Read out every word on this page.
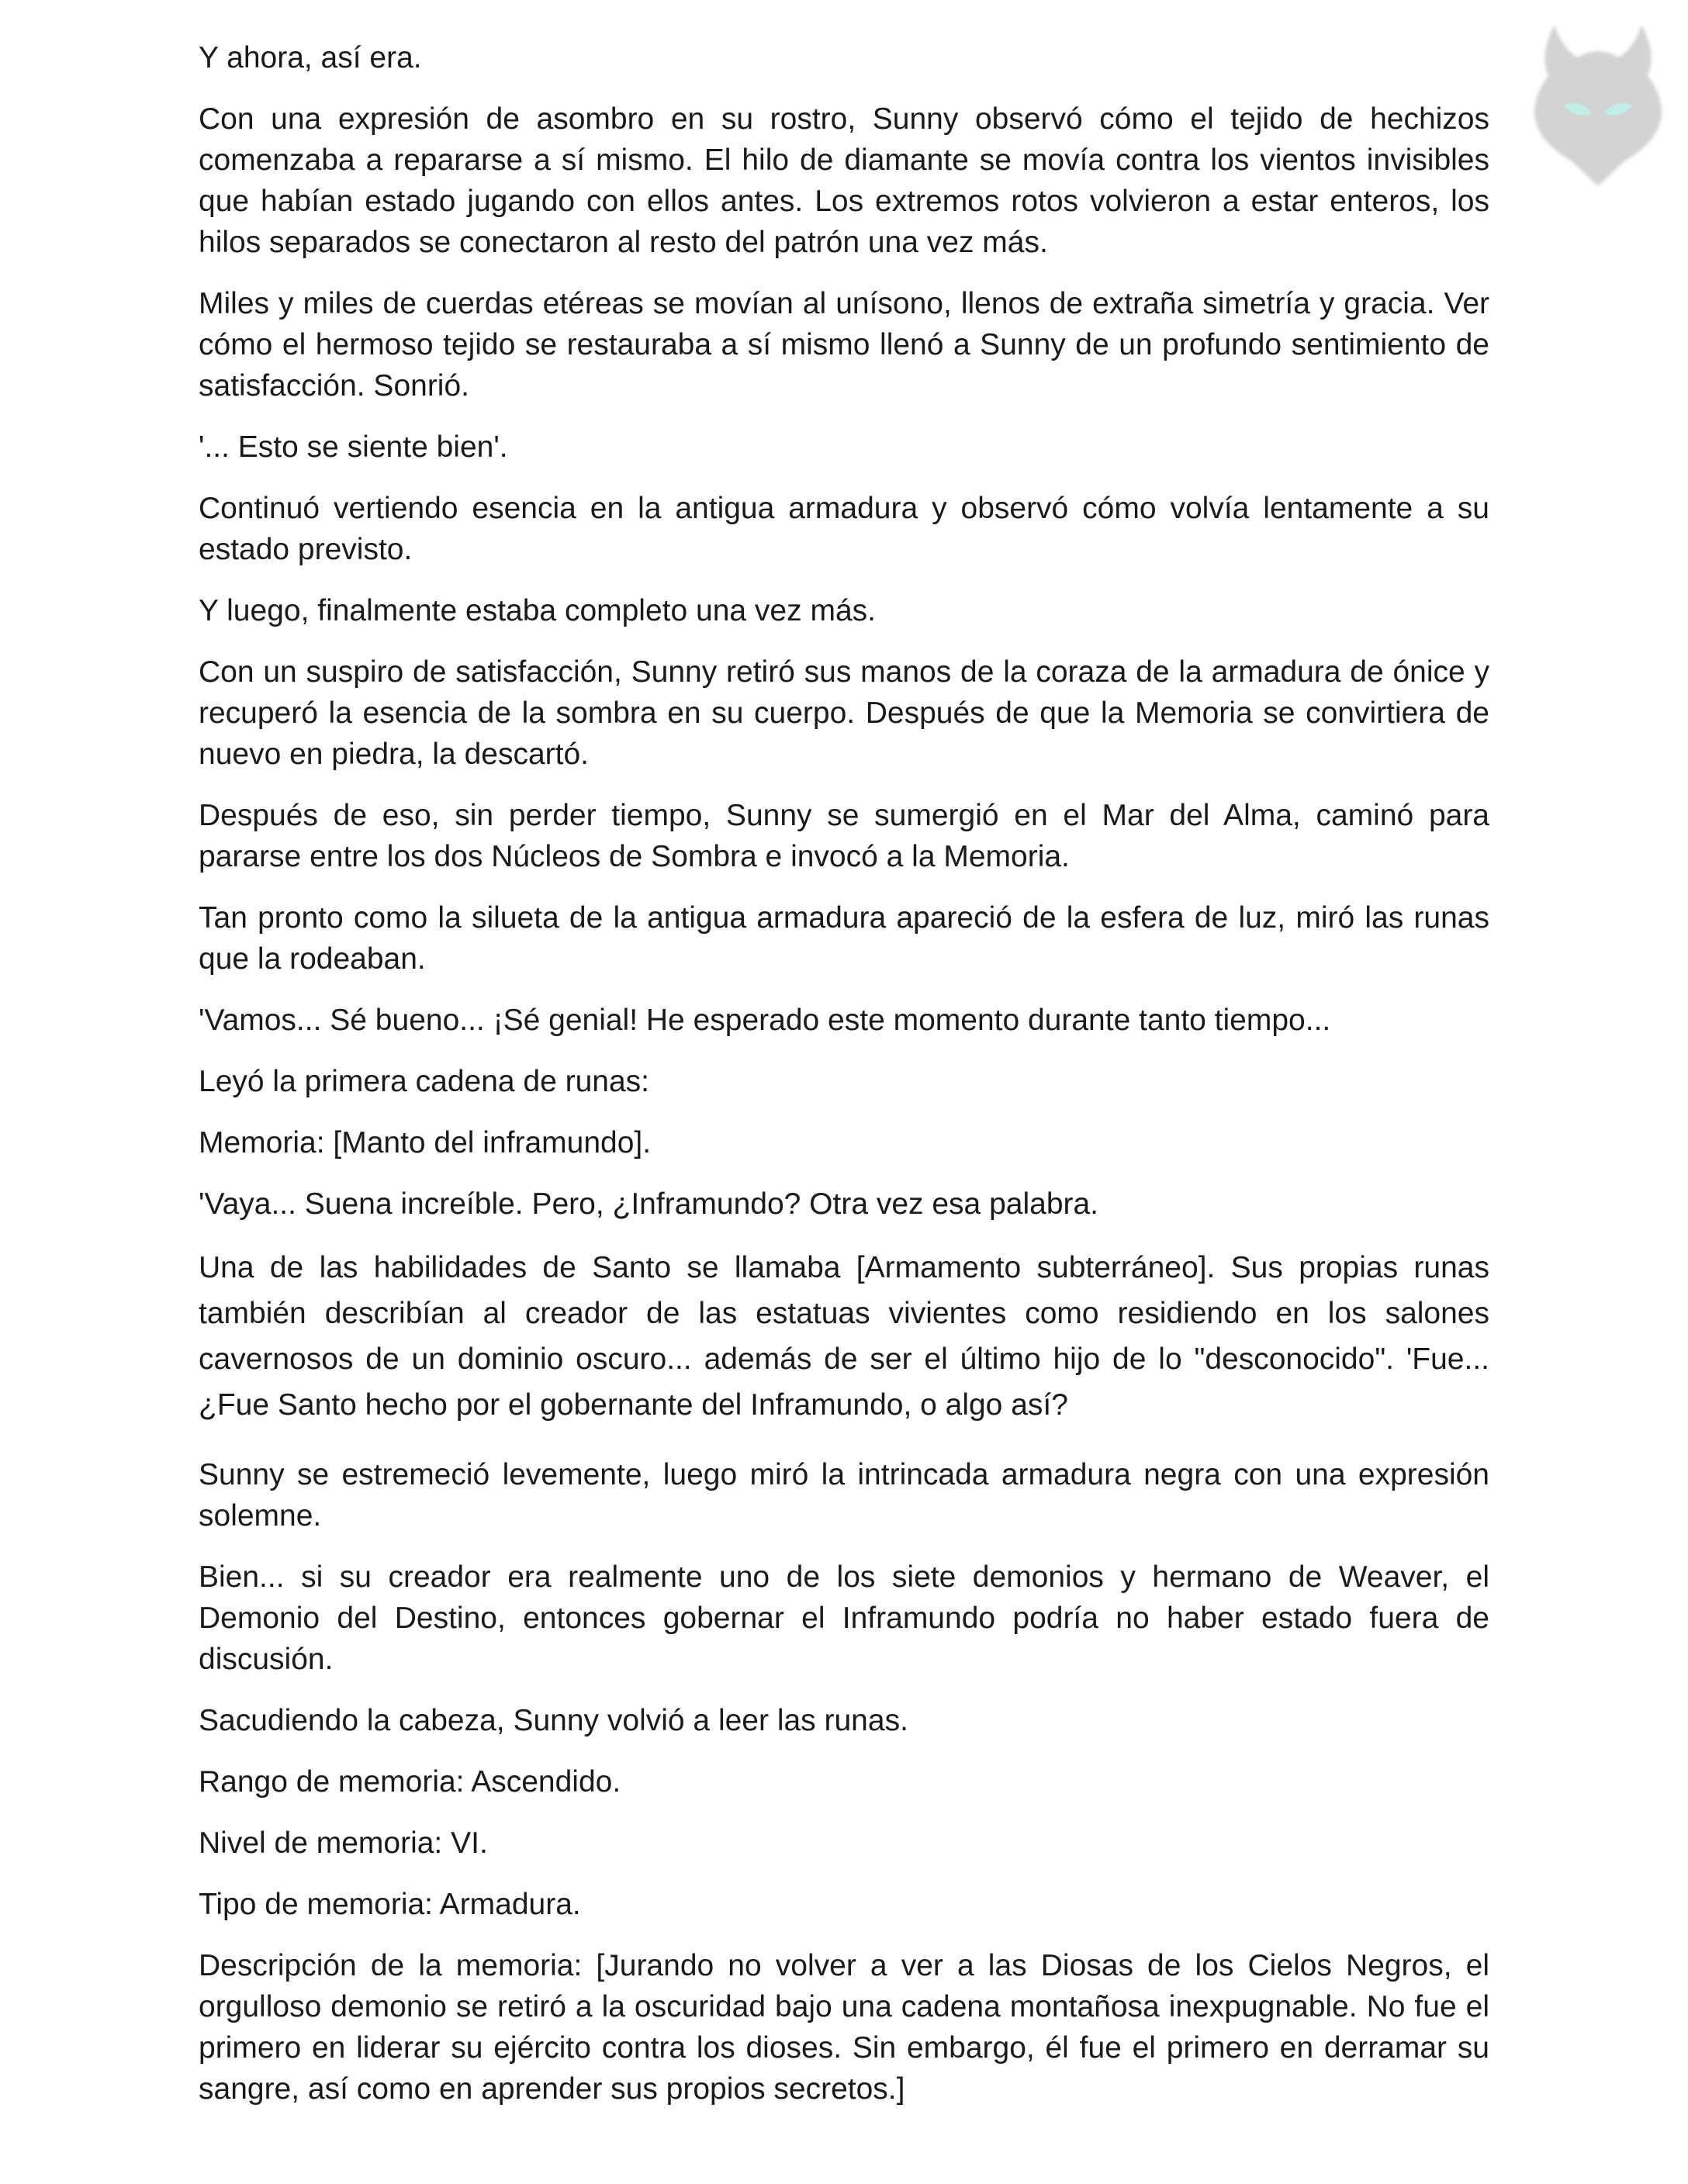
Y ahora, así era.

Con una expresión de asombro en su rostro, Sunny observó cómo el tejido de hechizos comenzaba a repararse a sí mismo. El hilo de diamante se movía contra los vientos invisibles que habían estado jugando con ellos antes. Los extremos rotos volvieron a estar enteros, los hilos separados se conectaron al resto del patrón una vez más.

Miles y miles de cuerdas etéreas se movían al unísono, llenos de extraña simetría y gracia. Ver cómo el hermoso tejido se restauraba a sí mismo llenó a Sunny de un profundo sentimiento de satisfacción. Sonrió.

'... Esto se siente bien'.

Continuó vertiendo esencia en la antigua armadura y observó cómo volvía lentamente a su estado previsto.

Y luego, finalmente estaba completo una vez más.

Con un suspiro de satisfacción, Sunny retiró sus manos de la coraza de la armadura de ónice y recuperó la esencia de la sombra en su cuerpo. Después de que la Memoria se convirtiera de nuevo en piedra, la descartó.

Después de eso, sin perder tiempo, Sunny se sumergió en el Mar del Alma, caminó para pararse entre los dos Núcleos de Sombra e invocó a la Memoria.

Tan pronto como la silueta de la antigua armadura apareció de la esfera de luz, miró las runas que la rodeaban.

'Vamos... Sé bueno... ¡Sé genial! He esperado este momento durante tanto tiempo...

Leyó la primera cadena de runas:

Memoria: [Manto del inframundo].

'Vaya... Suena increíble. Pero, ¿Inframundo? Otra vez esa palabra.

Una de las habilidades de Santo se llamaba [Armamento subterráneo]. Sus propias runas también describían al creador de las estatuas vivientes como residiendo en los salones cavernosos de un dominio oscuro... además de ser el último hijo de lo "desconocido". 'Fue... ¿Fue Santo hecho por el gobernante del Inframundo, o algo así?

Sunny se estremeció levemente, luego miró la intrincada armadura negra con una expresión solemne.

Bien... si su creador era realmente uno de los siete demonios y hermano de Weaver, el Demonio del Destino, entonces gobernar el Inframundo podría no haber estado fuera de discusión.

Sacudiendo la cabeza, Sunny volvió a leer las runas.

Rango de memoria: Ascendido.

Nivel de memoria: VI.

Tipo de memoria: Armadura.

Descripción de la memoria: [Jurando no volver a ver a las Diosas de los Cielos Negros, el orgulloso demonio se retiró a la oscuridad bajo una cadena montañosa inexpugnable. No fue el primero en liderar su ejército contra los dioses. Sin embargo, él fue el primero en derramar su sangre, así como en aprender sus propios secretos.]
